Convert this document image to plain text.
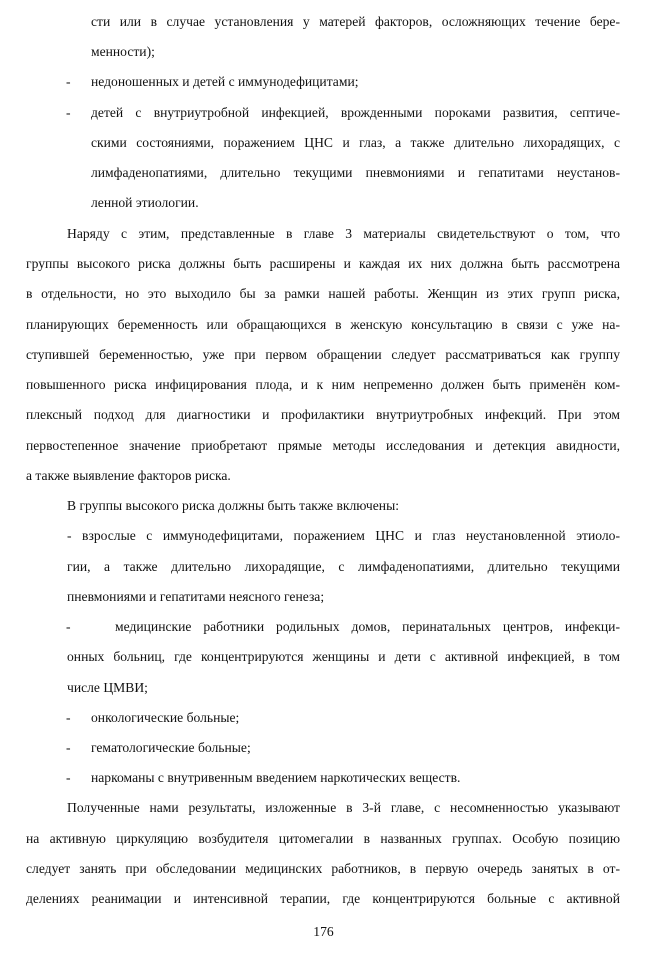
сти или в случае установления у матерей факторов, осложняющих течение бере-
менности);
- недоношенных и детей с иммунодефицитами;
- детей с внутриутробной инфекцией, врожденными пороками развития, септиче-
скими состояниями, поражением ЦНС и глаз, а также длительно лихорадящих, с
лимфаденопатиями, длительно текущими пневмониями и гепатитами неустанов-
ленной этиологии.
Наряду с этим, представленные в главе 3 материалы свидетельствуют о том, что
группы высокого риска должны быть расширены и каждая их них должна быть рассмотрена
в отдельности, но это выходило бы за рамки нашей работы. Женщин из этих групп риска,
планирующих беременность или обращающихся в женскую консультацию в связи с уже на-
ступившей беременностью, уже при первом обращении следует рассматриваться как группу
повышенного риска инфицирования плода, и к ним непременно должен быть применён ком-
плексный подход для диагностики и профилактики внутриутробных инфекций. При этом
первостепенное значение приобретают прямые методы исследования и детекция авидности,
а также выявление факторов риска.
В группы высокого риска должны быть также включены:
- взрослые с иммунодефицитами, поражением ЦНС и глаз неустановленной этиоло-
гии, а также длительно лихорадящие, с лимфаденопатиями, длительно текущими
пневмониями и гепатитами неясного генеза;
-	медицинские работники родильных домов, перинатальных центров, инфекци-
онных больниц, где концентрируются женщины и дети с активной инфекцией, в том
числе ЦМВИ;
- онкологические больные;
- гематологические больные;
- наркоманы с внутривенным введением наркотических веществ.
Полученные нами результаты, изложенные в 3-й главе, с несомненностью указывают
на активную циркуляцию возбудителя цитомегалии в названных группах. Особую позицию
следует занять при обследовании медицинских работников, в первую очередь занятых в от-
делениях реанимации и интенсивной терапии, где концентрируются больные с активной
176
